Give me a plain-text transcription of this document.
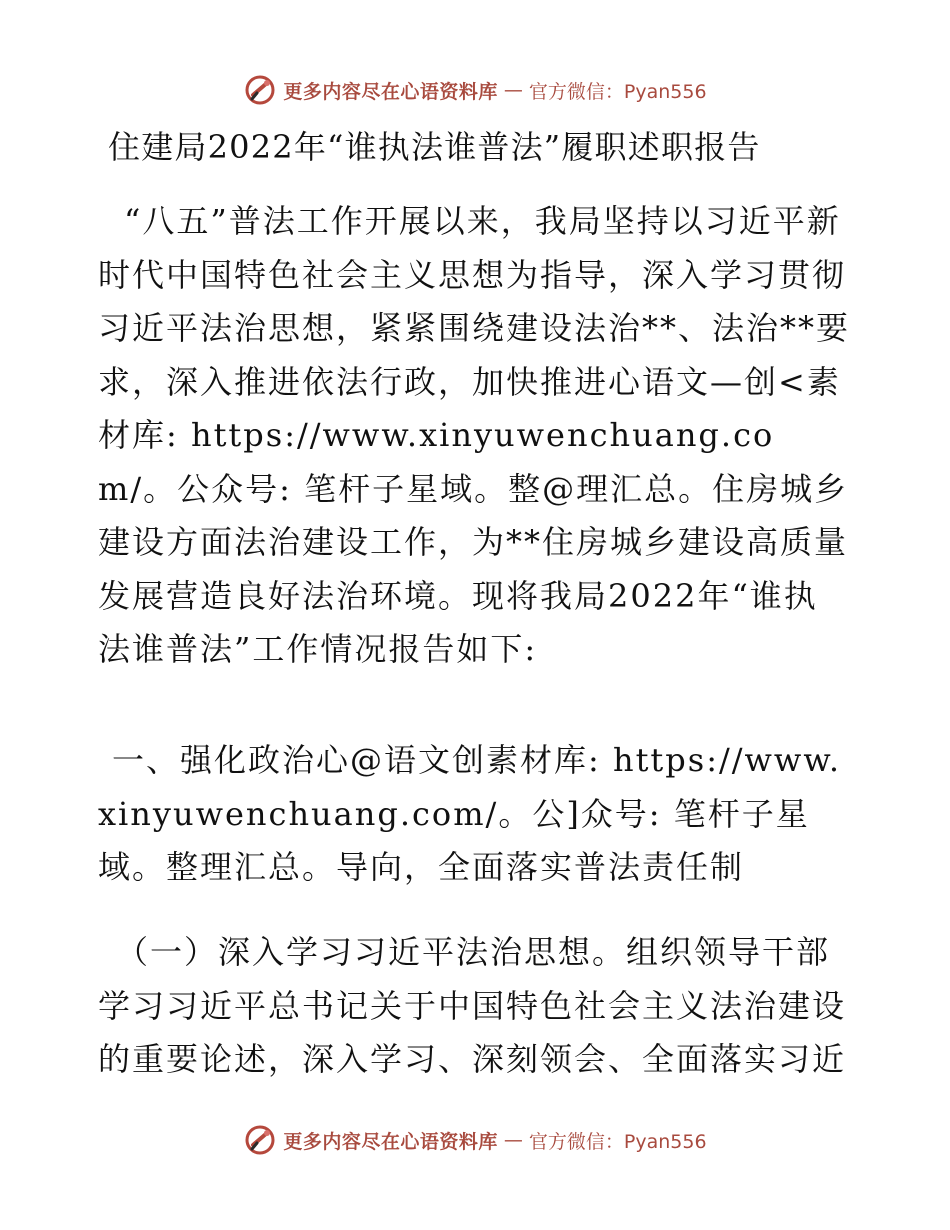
更多内容尽在心语资料库 — 官方微信：Pyan556
住建局2022年“谁执法谁普法”履职述职报告
“八五”普法工作开展以来，我局坚持以习近平新时代中国特色社会主义思想为指导，深入学习贯彻习近平法治思想，紧紧围绕建设法治**、法治**要求，深入推进依法行政，加快推进心语文—创<素材库: https://www.xinyuwenchuang.com/。公众号: 笔杆子星域。整@理汇总。住房城乡建设方面法治建设工作，为**住房城乡建设高质量发展营造良好法治环境。现将我局2022年“谁执法谁普法”工作情况报告如下:
一、强化政治心@语文创素材库: https://www.xinyuwenchuang.com/。公]众号: 笔杆子星域。整理汇总。导向，全面落实普法责任制
（一）深入学习习近平法治思想。组织领导干部学习习近平总书记关于中国特色社会主义法治建设的重要论述，深入学习、深刻领会、全面落实习近
更多内容尽在心语资料库 — 官方微信：Pyan556
